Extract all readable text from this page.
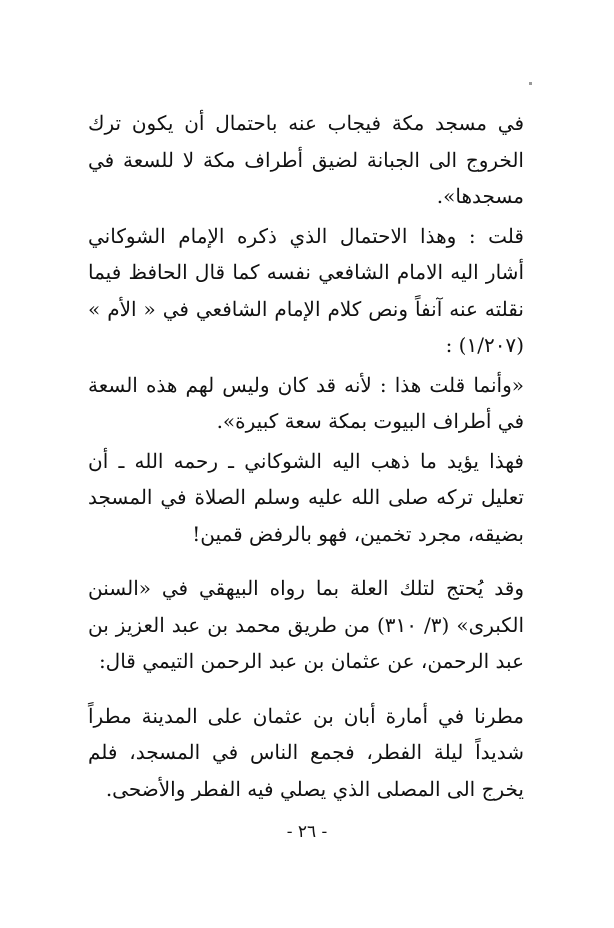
في مسجد مكة فيجاب عنه باحتمال أن يكون ترك الخروج الى الجبانة لضيق أطراف مكة لا للسعة في مسجدها».

قلت : وهذا الاحتمال الذي ذكره الإمام الشوكاني أشار اليه الامام الشافعي نفسه كما قال الحافظ فيما نقلته عنه آنفاً ونص كلام الإمام الشافعي في « الأم » (١/٢٠٧) :

«وأنما قلت هذا : لأنه قد كان وليس لهم هذه السعة في أطراف البيوت بمكة سعة كبيرة».

فهذا يؤيد ما ذهب اليه الشوكاني ـ رحمه الله ـ أن تعليل تركه صلى الله عليه وسلم الصلاة في المسجد بضيقه، مجرد تخمين، فهو بالرفض قمين!

وقد يُحتج لتلك العلة بما رواه البيهقي في «السنن الكبرى» (٣/ ٣١٠) من طريق محمد بن عبد العزيز بن عبد الرحمن، عن عثمان بن عبد الرحمن التيمي قال:

مطرنا في أمارة أبان بن عثمان على المدينة مطراً شديداً ليلة الفطر، فجمع الناس في المسجد، فلم يخرج الى المصلى الذي يصلي فيه الفطر والأضحى.

- ٢٦ -
